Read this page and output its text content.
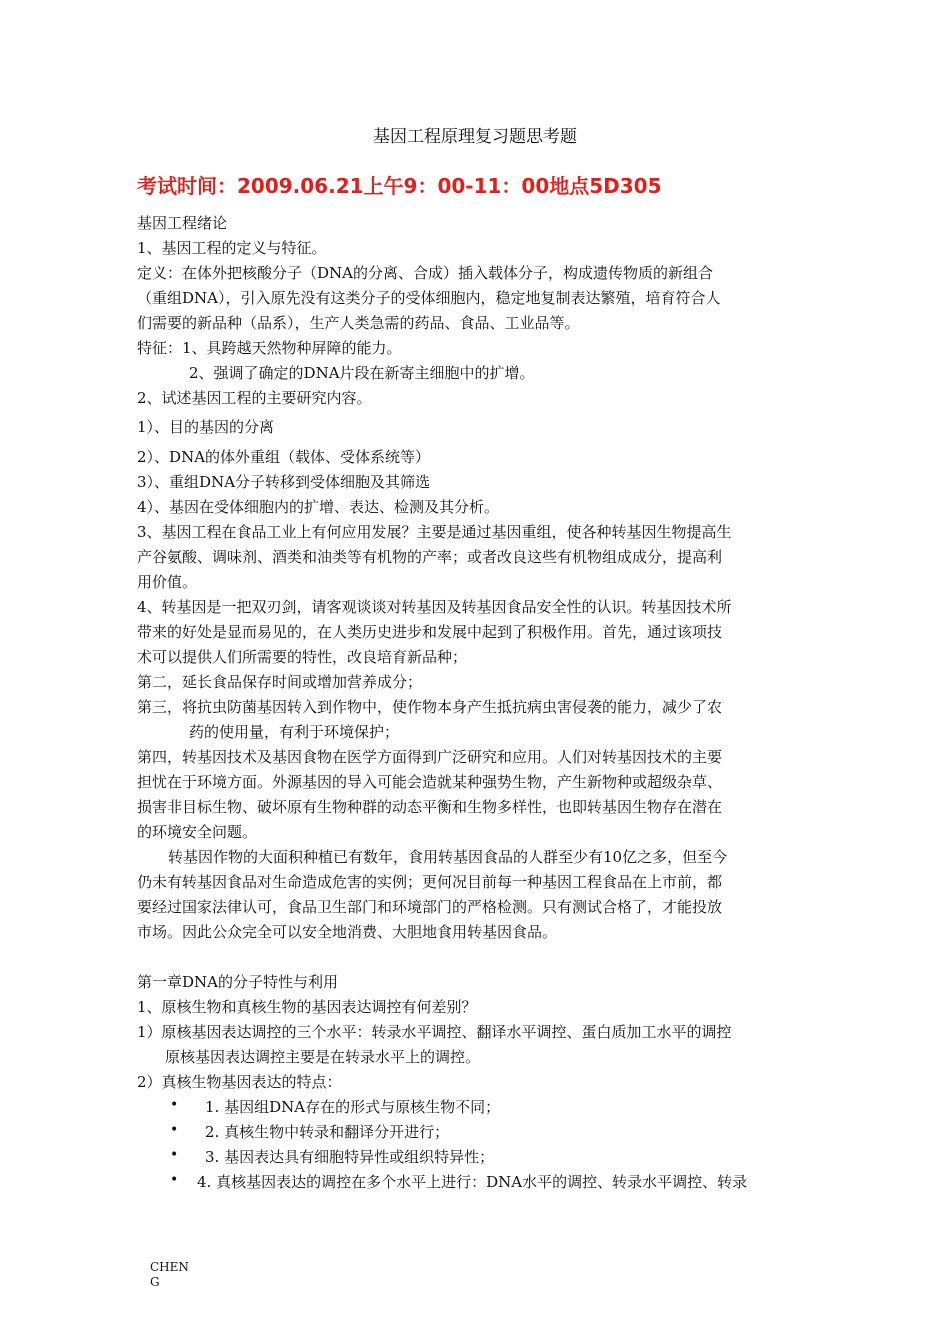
基因工程原理复习题思考题
考试时间：2009.06.21上午9：00-11：00地点5D305
基因工程绪论
1、基因工程的定义与特征。
定义：在体外把核酸分子（DNA的分离、合成）插入载体分子，构成遗传物质的新组合
（重组DNA），引入原先没有这类分子的受体细胞内，稳定地复制表达繁殖，培育符合人
们需要的新品种（品系），生产人类急需的药品、食品、工业品等。
特征：1、具跨越天然物种屏障的能力。
2、强调了确定的DNA片段在新寄主细胞中的扩增。
2、试述基因工程的主要研究内容。
1）、目的基因的分离
2）、DNA的体外重组（载体、受体系统等）
3）、重组DNA分子转移到受体细胞及其筛选
4）、基因在受体细胞内的扩增、表达、检测及其分析。
3、基因工程在食品工业上有何应用发展？主要是通过基因重组，使各种转基因生物提高生
产谷氨酸、调味剂、酒类和油类等有机物的产率；或者改良这些有机物组成成分，提高利
用价值。
4、转基因是一把双刃剑，请客观谈谈对转基因及转基因食品安全性的认识。转基因技术所
带来的好处是显而易见的，在人类历史进步和发展中起到了积极作用。首先，通过该项技
术可以提供人们所需要的特性，改良培育新品种；
第二，延长食品保存时间或增加营养成分；
第三，将抗虫防菌基因转入到作物中，使作物本身产生抵抗病虫害侵袭的能力，减少了农
药的使用量，有利于环境保护；
第四，转基因技术及基因食物在医学方面得到广泛研究和应用。人们对转基因技术的主要
担忧在于环境方面。外源基因的导入可能会造就某种强势生物，产生新物种或超级杂草、
损害非目标生物、破坏原有生物种群的动态平衡和生物多样性，也即转基因生物存在潜在
的环境安全问题。
转基因作物的大面积种植已有数年，食用转基因食品的人群至少有10亿之多，但至今
仍未有转基因食品对生命造成危害的实例；更何况目前每一种基因工程食品在上市前，都
要经过国家法律认可，食品卫生部门和环境部门的严格检测。只有测试合格了，才能投放
市场。因此公众完全可以安全地消费、大胆地食用转基因食品。
第一章DNA的分子特性与利用
1、原核生物和真核生物的基因表达调控有何差别？
1）原核基因表达调控的三个水平：转录水平调控、翻译水平调控、蛋白质加工水平的调控
原核基因表达调控主要是在转录水平上的调控。
2）真核生物基因表达的特点：
• 1. 基因组DNA存在的形式与原核生物不同；
• 2. 真核生物中转录和翻译分开进行；
• 3. 基因表达具有细胞特异性或组织特异性；
• 4. 真核基因表达的调控在多个水平上进行：DNA水平的调控、转录水平调控、转录
CHEN
G
